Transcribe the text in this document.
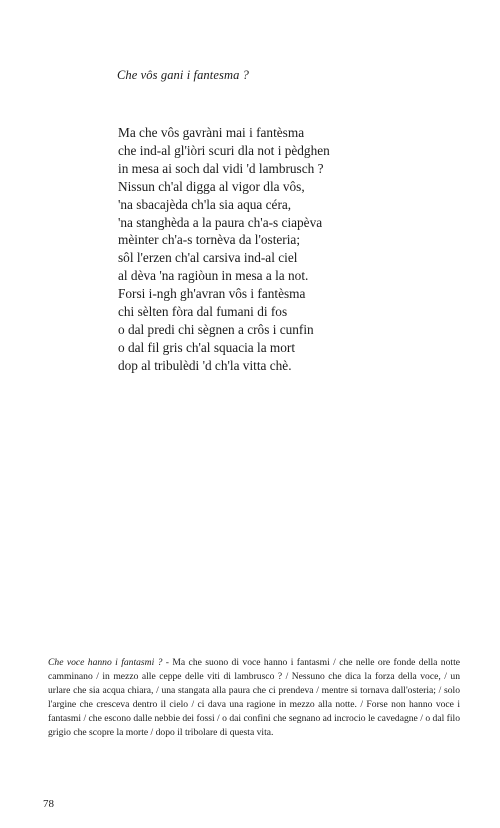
Che vôs gani i fantesma ?
Ma che vôs gavràni mai i fantèsma
che ind-al gl'iòri scuri dla not i pèdghen
in mesa ai soch dal vidi 'd lambrusch ?
Nissun ch'al digga al vigor dla vôs,
'na sbacajèda ch'la sia aqua céra,
'na stanghèda a la paura ch'a-s ciapèva
mèinter ch'a-s tornèva da l'osteria;
sôl l'erzen ch'al carsiva ind-al ciel
al dèva 'na ragiòun in mesa a la not.
Forsi i-ngh gh'avran vôs i fantèsma
chi sèlten fòra dal fumani di fos
o dal predi chi sègnen a crôs i cunfin
o dal fil gris ch'al squacia la mort
dop al tribulèdi 'd ch'la vitta chè.
Che voce hanno i fantasmi ? - Ma che suono di voce hanno i fantasmi / che nelle ore fonde della notte camminano / in mezzo alle ceppe delle viti di lambrusco ? / Nessuno che dica la forza della voce, / un urlare che sia acqua chiara, / una stangata alla paura che ci prendeva / mentre si tornava dall'osteria; / solo l'argine che cresceva dentro il cielo / ci dava una ragione in mezzo alla notte. / Forse non hanno voce i fantasmi / che escono dalle nebbie dei fossi / o dai confini che segnano ad incrocio le cavedagne / o dal filo grigio che scopre la morte / dopo il tribolare di questa vita.
78
